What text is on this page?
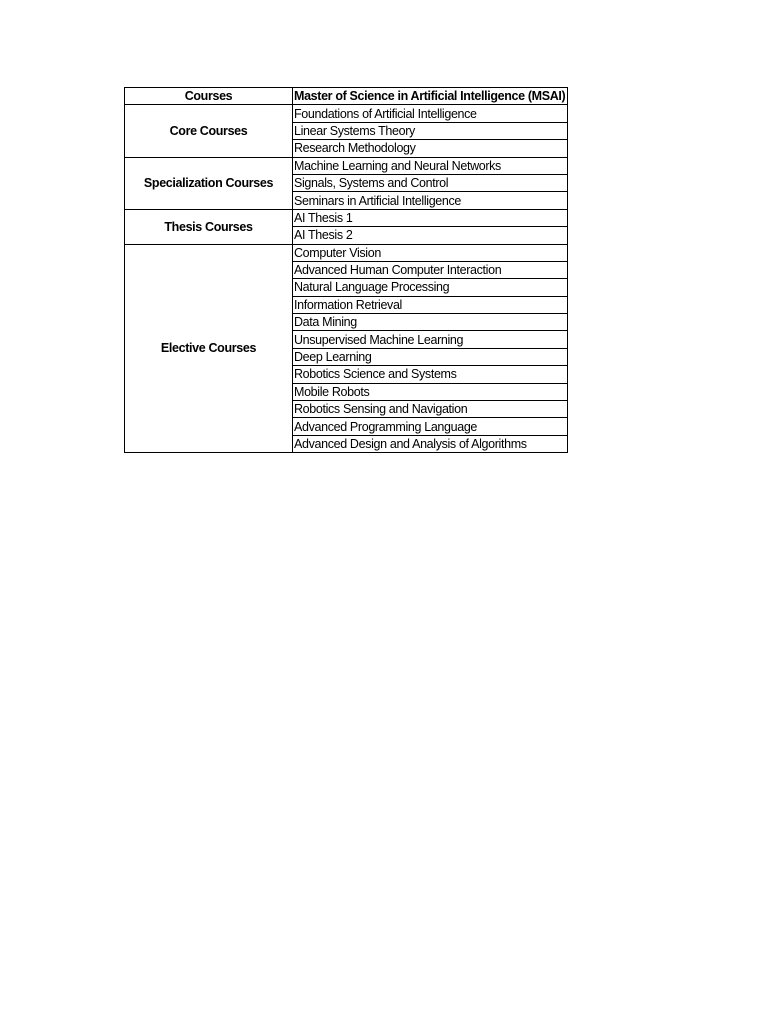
Courses	Master of Science in Artificial Intelligence (MSAI)
Core Courses	Foundations of Artificial Intelligence
	Linear Systems Theory
	Research Methodology
Specialization Courses	Machine Learning and Neural Networks
	Signals, Systems and Control
	Seminars in Artificial Intelligence
Thesis Courses	AI Thesis 1
	AI Thesis 2
Elective Courses	Computer Vision
	Advanced Human Computer Interaction
	Natural Language Processing
	Information Retrieval
	Data Mining
	Unsupervised Machine Learning
	Deep Learning
	Robotics Science and Systems
	Mobile Robots
	Robotics Sensing and Navigation
	Advanced Programming Language
	Advanced Design and Analysis of Algorithms
